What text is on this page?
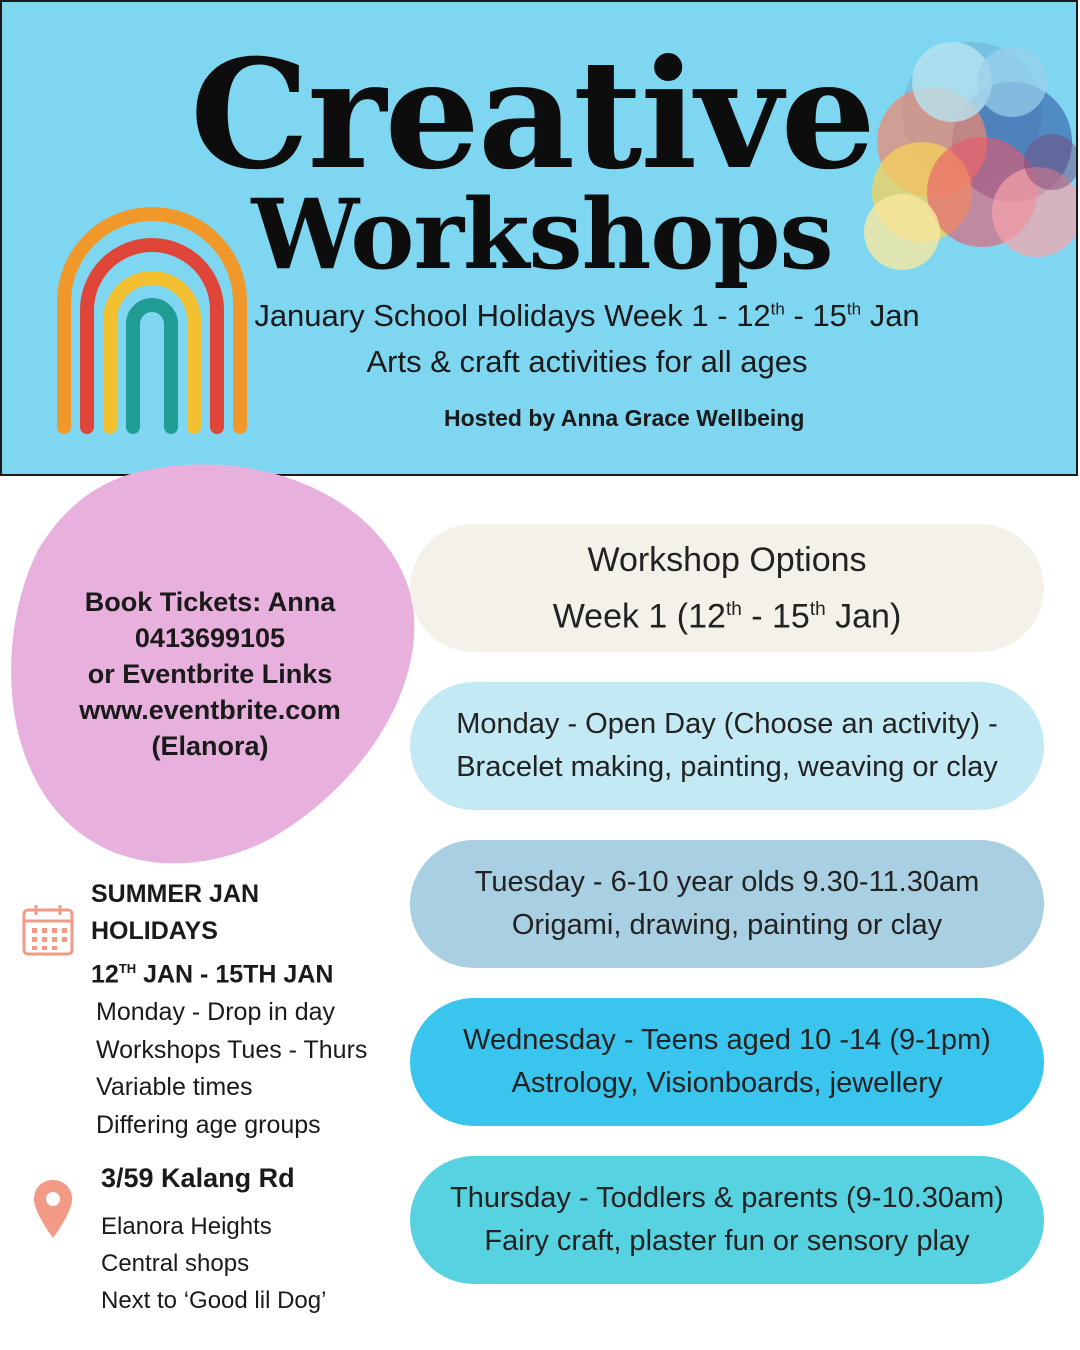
Creative
Workshops
January School Holidays Week 1 - 12th - 15th Jan
Arts & craft activities for all ages
Hosted by Anna Grace Wellbeing
Book Tickets: Anna
0413699105
or Eventbrite Links
www.eventbrite.com
(Elanora)
Workshop Options
Week 1 (12th - 15th Jan)
Monday - Open Day (Choose an activity) -
Bracelet making, painting, weaving or clay
Tuesday - 6-10 year olds 9.30-11.30am
Origami, drawing, painting or clay
Wednesday - Teens aged 10 -14 (9-1pm)
Astrology, Visionboards, jewellery
Thursday - Toddlers & parents (9-10.30am)
Fairy craft, plaster fun or sensory play
SUMMER JAN
HOLIDAYS
12TH JAN - 15TH JAN
Monday - Drop in day
Workshops Tues - Thurs
Variable times
Differing age groups
3/59 Kalang Rd
Elanora Heights
Central shops
Next to ‘Good lil Dog’
